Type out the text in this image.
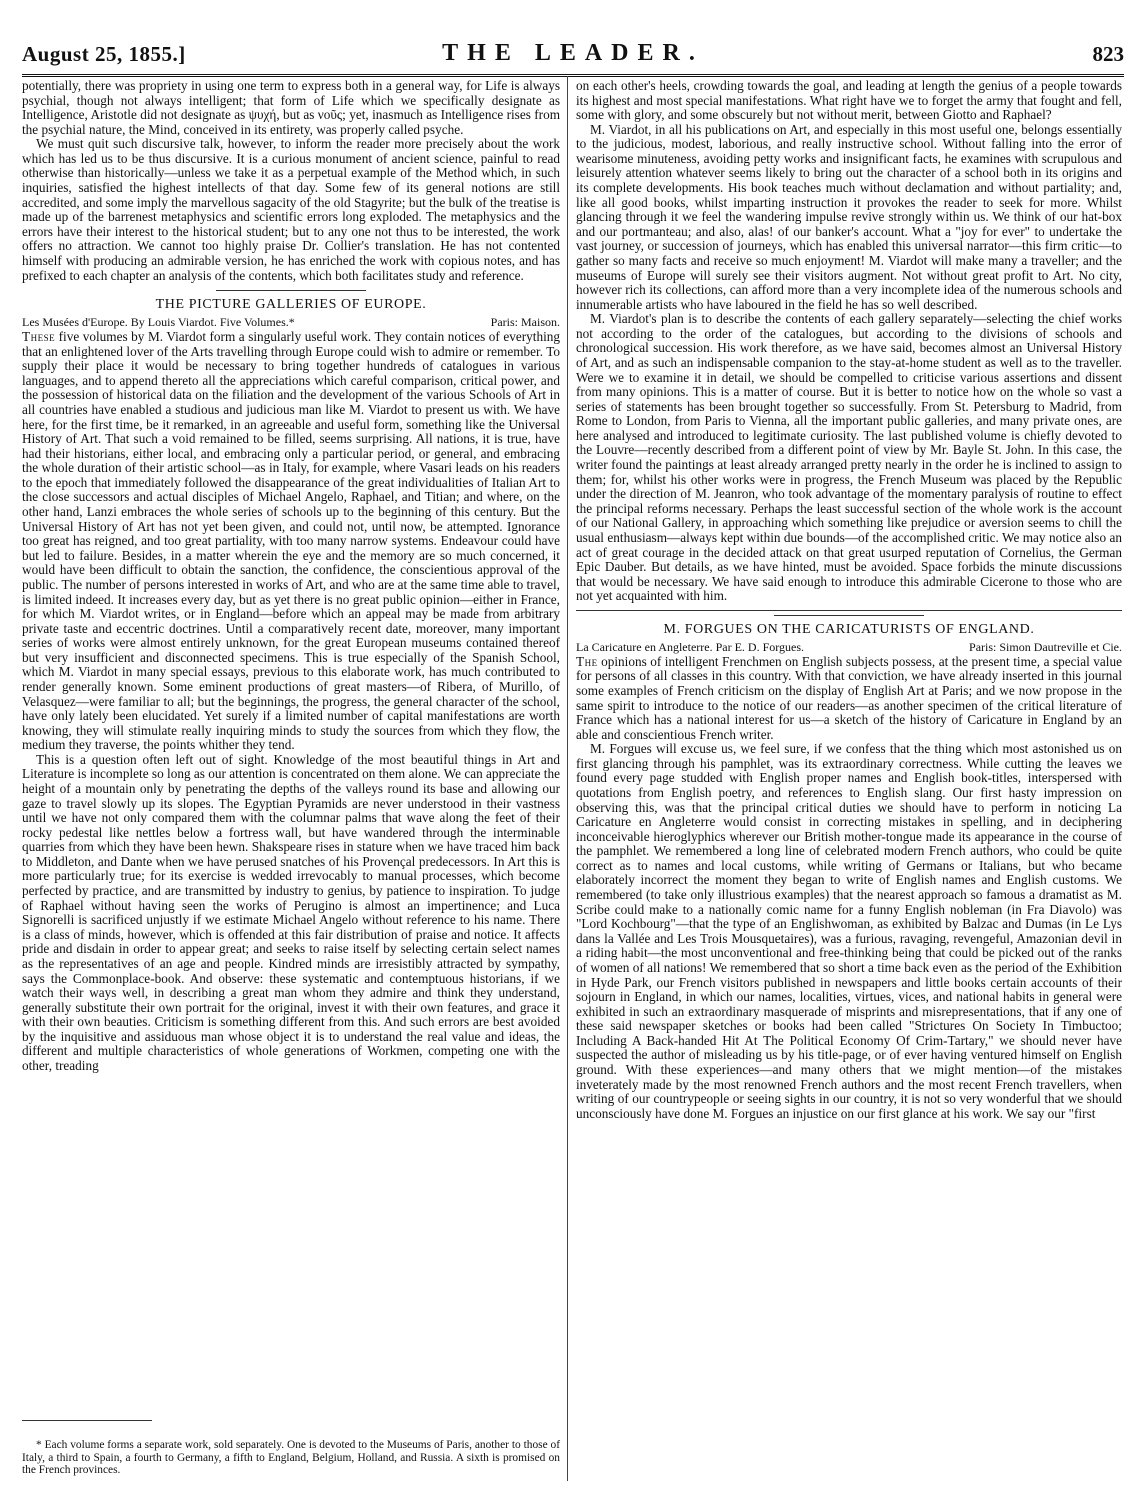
August 25, 1855.]	THE LEADER.	823

potentially, there was propriety in using one term to express both in a general way, for Life is always psychial, though not always intelligent; that form of Life which we specifically designate as Intelligence, Aristotle did not designate as ψυχή, but as νοῦς; yet, inasmuch as Intelligence rises from the psychial nature, the Mind, conceived in its entirety, was properly called psyche.

We must quit such discursive talk, however, to inform the reader more precisely about the work which has led us to be thus discursive. It is a curious monument of ancient science, painful to read otherwise than historically—unless we take it as a perpetual example of the Method which, in such inquiries, satisfied the highest intellects of that day. Some few of its general notions are still accredited, and some imply the marvellous sagacity of the old Stagyrite; but the bulk of the treatise is made up of the barrenest metaphysics and scientific errors long exploded. The metaphysics and the errors have their interest to the historical student; but to any one not thus to be interested, the work offers no attraction. We cannot too highly praise Dr. Collier's translation. He has not contented himself with producing an admirable version, he has enriched the work with copious notes, and has prefixed to each chapter an analysis of the contents, which both facilitates study and reference.

THE PICTURE GALLERIES OF EUROPE.
Les Musées d'Europe. By Louis Viardot. Five Volumes.*	Paris: Maison.

These five volumes by M. Viardot form a singularly useful work. They contain notices of everything that an enlightened lover of the Arts travelling through Europe could wish to admire or remember. To supply their place it would be necessary to bring together hundreds of catalogues in various languages, and to append thereto all the appreciations which careful comparison, critical power, and the possession of historical data on the filiation and the development of the various Schools of Art in all countries have enabled a studious and judicious man like M. Viardot to present us with. We have here, for the first time, be it remarked, in an agreeable and useful form, something like the Universal History of Art. That such a void remained to be filled, seems surprising. All nations, it is true, have had their historians, either local, and embracing only a particular period, or general, and embracing the whole duration of their artistic school—as in Italy, for example, where Vasari leads on his readers to the epoch that immediately followed the disappearance of the great individualities of Italian Art to the close successors and actual disciples of Michael Angelo, Raphael, and Titian; and where, on the other hand, Lanzi embraces the whole series of schools up to the beginning of this century. But the Universal History of Art has not yet been given, and could not, until now, be attempted. Ignorance too great has reigned, and too great partiality, with too many narrow systems. Endeavour could have but led to failure. Besides, in a matter wherein the eye and the memory are so much concerned, it would have been difficult to obtain the sanction, the confidence, the conscientious approval of the public. The number of persons interested in works of Art, and who are at the same time able to travel, is limited indeed. It increases every day, but as yet there is no great public opinion—either in France, for which M. Viardot writes, or in England—before which an appeal may be made from arbitrary private taste and eccentric doctrines. Until a comparatively recent date, moreover, many important series of works were almost entirely unknown, for the great European museums contained thereof but very insufficient and disconnected specimens. This is true especially of the Spanish School, which M. Viardot in many special essays, previous to this elaborate work, has much contributed to render generally known. Some eminent productions of great masters—of Ribera, of Murillo, of Velasquez—were familiar to all; but the beginnings, the progress, the general character of the school, have only lately been elucidated. Yet surely if a limited number of capital manifestations are worth knowing, they will stimulate really inquiring minds to study the sources from which they flow, the medium they traverse, the points whither they tend.

This is a question often left out of sight. Knowledge of the most beautiful things in Art and Literature is incomplete so long as our attention is concentrated on them alone. We can appreciate the height of a mountain only by penetrating the depths of the valleys round its base and allowing our gaze to travel slowly up its slopes. The Egyptian Pyramids are never understood in their vastness until we have not only compared them with the columnar palms that wave along the feet of their rocky pedestal like nettles below a fortress wall, but have wandered through the interminable quarries from which they have been hewn. Shakspeare rises in stature when we have traced him back to Middleton, and Dante when we have perused snatches of his Provençal predecessors. In Art this is more particularly true; for its exercise is wedded irrevocably to manual processes, which become perfected by practice, and are transmitted by industry to genius, by patience to inspiration. To judge of Raphael without having seen the works of Perugino is almost an impertinence; and Luca Signorelli is sacrificed unjustly if we estimate Michael Angelo without reference to his name. There is a class of minds, however, which is offended at this fair distribution of praise and notice. It affects pride and disdain in order to appear great; and seeks to raise itself by selecting certain select names as the representatives of an age and people. Kindred minds are irresistibly attracted by sympathy, says the Commonplace-book. And observe: these systematic and contemptuous historians, if we watch their ways well, in describing a great man whom they admire and think they understand, generally substitute their own portrait for the original, invest it with their own features, and grace it with their own beauties. Criticism is something different from this. And such errors are best avoided by the inquisitive and assiduous man whose object it is to understand the real value and ideas, the different and multiple characteristics of whole generations of Workmen, competing one with the other, treading

* Each volume forms a separate work, sold separately. One is devoted to the Museums of Paris, another to those of Italy, a third to Spain, a fourth to Germany, a fifth to England, Belgium, Holland, and Russia. A sixth is promised on the French provinces.

on each other's heels, crowding towards the goal, and leading at length the genius of a people towards its highest and most special manifestations. What right have we to forget the army that fought and fell, some with glory, and some obscurely but not without merit, between Giotto and Raphael?

M. Viardot, in all his publications on Art, and especially in this most useful one, belongs essentially to the judicious, modest, laborious, and really instructive school. Without falling into the error of wearisome minuteness, avoiding petty works and insignificant facts, he examines with scrupulous and leisurely attention whatever seems likely to bring out the character of a school both in its origins and its complete developments. His book teaches much without declamation and without partiality; and, like all good books, whilst imparting instruction it provokes the reader to seek for more. Whilst glancing through it we feel the wandering impulse revive strongly within us. We think of our hat-box and our portmanteau; and also, alas! of our banker's account. What a "joy for ever" to undertake the vast journey, or succession of journeys, which has enabled this universal narrator—this firm critic—to gather so many facts and receive so much enjoyment! M. Viardot will make many a traveller; and the museums of Europe will surely see their visitors augment. Not without great profit to Art. No city, however rich its collections, can afford more than a very incomplete idea of the numerous schools and innumerable artists who have laboured in the field he has so well described.

M. Viardot's plan is to describe the contents of each gallery separately—selecting the chief works not according to the order of the catalogues, but according to the divisions of schools and chronological succession. His work therefore, as we have said, becomes almost an Universal History of Art, and as such an indispensable companion to the stay-at-home student as well as to the traveller. Were we to examine it in detail, we should be compelled to criticise various assertions and dissent from many opinions. This is a matter of course. But it is better to notice how on the whole so vast a series of statements has been brought together so successfully. From St. Petersburg to Madrid, from Rome to London, from Paris to Vienna, all the important public galleries, and many private ones, are here analysed and introduced to legitimate curiosity. The last published volume is chiefly devoted to the Louvre—recently described from a different point of view by Mr. Bayle St. John. In this case, the writer found the paintings at least already arranged pretty nearly in the order he is inclined to assign to them; for, whilst his other works were in progress, the French Museum was placed by the Republic under the direction of M. Jeanron, who took advantage of the momentary paralysis of routine to effect the principal reforms necessary. Perhaps the least successful section of the whole work is the account of our National Gallery, in approaching which something like prejudice or aversion seems to chill the usual enthusiasm—always kept within due bounds—of the accomplished critic. We may notice also an act of great courage in the decided attack on that great usurped reputation of Cornelius, the German Epic Dauber. But details, as we have hinted, must be avoided. Space forbids the minute discussions that would be necessary. We have said enough to introduce this admirable Cicerone to those who are not yet acquainted with him.

M. FORGUES ON THE CARICATURISTS OF ENGLAND.
La Caricature en Angleterre. Par E. D. Forgues.	Paris: Simon Dautreville et Cie.

The opinions of intelligent Frenchmen on English subjects possess, at the present time, a special value for persons of all classes in this country. With that conviction, we have already inserted in this journal some examples of French criticism on the display of English Art at Paris; and we now propose in the same spirit to introduce to the notice of our readers—as another specimen of the critical literature of France which has a national interest for us—a sketch of the history of Caricature in England by an able and conscientious French writer.

M. Forgues will excuse us, we feel sure, if we confess that the thing which most astonished us on first glancing through his pamphlet, was its extraordinary correctness. While cutting the leaves we found every page studded with English proper names and English book-titles, interspersed with quotations from English poetry, and references to English slang. Our first hasty impression on observing this, was that the principal critical duties we should have to perform in noticing La Caricature en Angleterre would consist in correcting mistakes in spelling, and in deciphering inconceivable hieroglyphics wherever our British mother-tongue made its appearance in the course of the pamphlet. We remembered a long line of celebrated modern French authors, who could be quite correct as to names and local customs, while writing of Germans or Italians, but who became elaborately incorrect the moment they began to write of English names and English customs. We remembered (to take only illustrious examples) that the nearest approach so famous a dramatist as M. Scribe could make to a nationally comic name for a funny English nobleman (in Fra Diavolo) was "Lord Kochbourg"—that the type of an Englishwoman, as exhibited by Balzac and Dumas (in Le Lys dans la Vallée and Les Trois Mousquetaires), was a furious, ravaging, revengeful, Amazonian devil in a riding habit—the most unconventional and free-thinking being that could be picked out of the ranks of women of all nations! We remembered that so short a time back even as the period of the Exhibition in Hyde Park, our French visitors published in newspapers and little books certain accounts of their sojourn in England, in which our names, localities, virtues, vices, and national habits in general were exhibited in such an extraordinary masquerade of misprints and misrepresentations, that if any one of these said newspaper sketches or books had been called "Strictures On Society In Timbuctoo; Including A Back-handed Hit At The Political Economy Of Crim-Tartary," we should never have suspected the author of misleading us by his title-page, or of ever having ventured himself on English ground. With these experiences—and many others that we might mention—of the mistakes inveterately made by the most renowned French authors and the most recent French travellers, when writing of our countrypeople or seeing sights in our country, it is not so very wonderful that we should unconsciously have done M. Forgues an injustice on our first glance at his work. We say our "first
